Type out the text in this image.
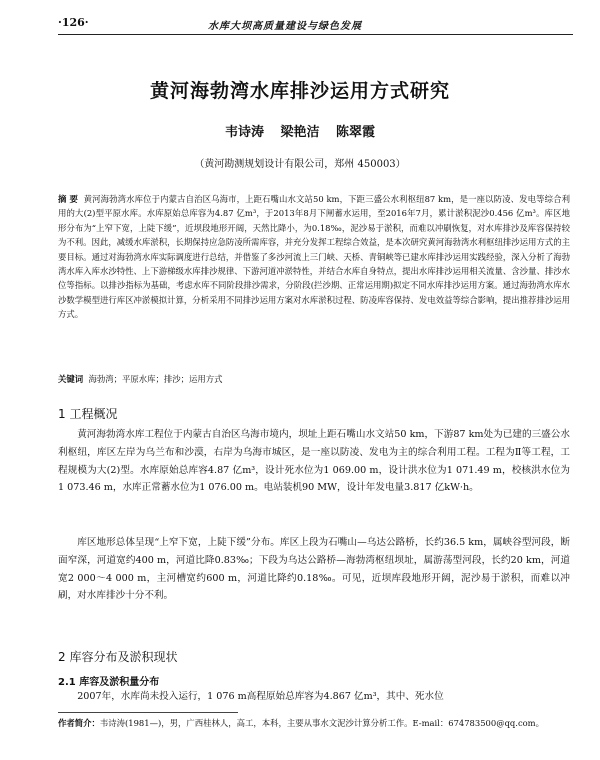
·126·	水库大坝高质量建设与绿色发展
黄河海勃湾水库排沙运用方式研究
韦诗涛 梁艳洁 陈翠霞
（黄河勘测规划设计有限公司，郑州 450003）
摘 要 黄河海勃湾水库位于内蒙古自治区乌海市，上距石嘴山水文站50 km，下距三盛公水利枢纽87 km，是一座以防凌、发电等综合利用的大(2)型平原水库。水库原始总库容为4.87 亿m³，于2013年8月下闸蓄水运用，至2016年7月，累计淤积泥沙0.456 亿m³。库区地形分布为“上窄下宽，上陡下缓”，近坝段地形开阔，天然比降小，为0.18‰，泥沙易于淤积，而难以冲刷恢复，对水库排沙及库容保持较为不利。因此，减缓水库淤积，长期保持应急防凌所需库容，并充分发挥工程综合效益，是本次研究黄河海勃湾水利枢纽排沙运用方式的主要目标。通过对海勃湾水库实际调度进行总结，并借鉴了多沙河流上三门峡、天桥、青铜峡等已建水库排沙运用实践经验，深入分析了海勃湾水库入库水沙特性、上下游梯级水库排沙规律、下游河道冲淤特性，并结合水库自身特点，提出水库排沙运用相关流量、含沙量、排沙水位等指标。以排沙指标为基础，考虑水库不同阶段排沙需求，分阶段(拦沙期、正常运用期)拟定不同水库排沙运用方案。通过海勃湾水库水沙数学模型进行库区冲淤模拟计算，分析采用不同排沙运用方案对水库淤积过程、防凌库容保持、发电效益等综合影响，提出推荐排沙运用方式。
关键词 海勃湾；平原水库；排沙；运用方式
1 工程概况
黄河海勃湾水库工程位于内蒙古自治区乌海市境内，坝址上距石嘴山水文站50 km，下游87 km处为已建的三盛公水利枢纽，库区左岸为乌兰布和沙漠，右岸为乌海市城区，是一座以防凌、发电为主的综合利用工程。工程为Ⅱ等工程，工程规模为大(2)型。水库原始总库容4.87 亿m³，设计死水位为1 069.00 m，设计洪水位为1 071.49 m，校核洪水位为1 073.46 m，水库正常蓄水位为1 076.00 m。电站装机90 MW，设计年发电量3.817 亿kW·h。
库区地形总体呈现“上窄下宽，上陡下缓”分布。库区上段为石嘴山—乌达公路桥，长约36.5 km，属峡谷型河段，断面窄深，河道宽约400 m，河道比降0.83‰；下段为乌达公路桥—海勃湾枢纽坝址，属游荡型河段，长约20 km，河道宽2 000～4 000 m，主河槽宽约600 m，河道比降约0.18‰。可见，近坝库段地形开阔，泥沙易于淤积，而难以冲刷，对水库排沙十分不利。
2 库容分布及淤积现状
2.1 库容及淤积量分布
2007年，水库尚未投入运行，1 076 m高程原始总库容为4.867 亿m³，其中、死水位
作者简介：韦诗涛(1981—)，男，广西桂林人，高工，本科，主要从事水文泥沙计算分析工作。E-mail：674783500@qq.com。
